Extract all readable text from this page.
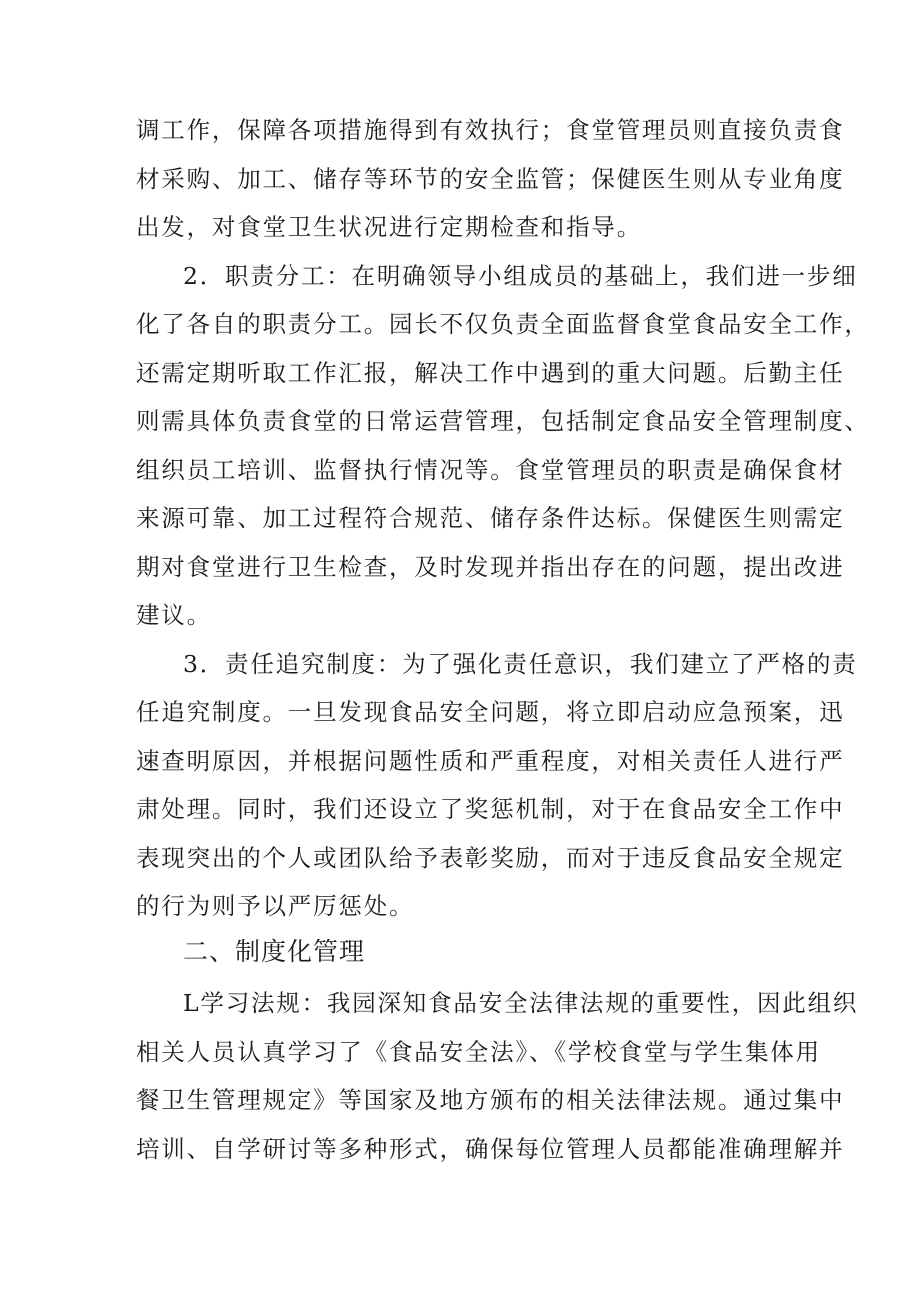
调工作，保障各项措施得到有效执行；食堂管理员则直接负责食
材采购、加工、储存等环节的安全监管；保健医生则从专业角度
出发，对食堂卫生状况进行定期检查和指导。
2．职责分工：在明确领导小组成员的基础上，我们进一步细
化了各自的职责分工。园长不仅负责全面监督食堂食品安全工作，
还需定期听取工作汇报，解决工作中遇到的重大问题。后勤主任
则需具体负责食堂的日常运营管理，包括制定食品安全管理制度、
组织员工培训、监督执行情况等。食堂管理员的职责是确保食材
来源可靠、加工过程符合规范、储存条件达标。保健医生则需定
期对食堂进行卫生检查，及时发现并指出存在的问题，提出改进
建议。
3．责任追究制度：为了强化责任意识，我们建立了严格的责
任追究制度。一旦发现食品安全问题，将立即启动应急预案，迅
速查明原因，并根据问题性质和严重程度，对相关责任人进行严
肃处理。同时，我们还设立了奖惩机制，对于在食品安全工作中
表现突出的个人或团队给予表彰奖励，而对于违反食品安全规定
的行为则予以严厉惩处。
二、制度化管理
L学习法规：我园深知食品安全法律法规的重要性，因此组织
相关人员认真学习了《食品安全法》、《学校食堂与学生集体用
餐卫生管理规定》等国家及地方颁布的相关法律法规。通过集中
培训、自学研讨等多种形式，确保每位管理人员都能准确理解并
